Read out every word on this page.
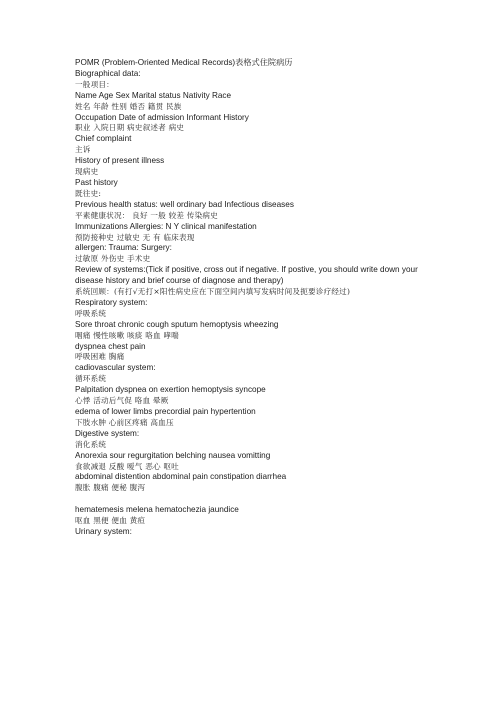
POMR (Problem-Oriented Medical Records)表格式住院病历
Biographical data:
一般项目：
Name Age Sex Marital status Nativity Race
姓名 年龄 性别 婚否 籍贯 民族
Occupation Date of admission Informant History
职业 入院日期 病史叙述者 病史
Chief complaint
主诉
History of present illness
现病史
Past history
既往史:
Previous health status: well ordinary bad Infectious diseases
平素健康状况： 良好 一般 较差 传染病史
Immunizations Allergies: N Y clinical manifestation
预防接种史 过敏史 无 有 临床表现
allergen: Trauma: Surgery:
过敏原 外伤史 手术史
Review of systems:(Tick if positive, cross out if negative. If postive, you should write down your
disease history and brief course of diagnose and therapy)
系统回顾：(有打√无打×阳性病史应在下面空间内填写发病时间及扼要诊疗经过)
Respiratory system:
呼吸系统
Sore throat chronic cough sputum hemoptysis wheezing
咽痛 慢性咳嗽 咳痰 咯血 哮喘
dyspnea chest pain
呼吸困难 胸痛
cadiovascular system:
循环系统
Palpitation dyspnea on exertion hemoptysis syncope
心悸 活动后气促 咯血 晕厥
edema of lower limbs precordial pain hypertention
下肢水肿 心前区疼痛 高血压
Digestive system:
消化系统
Anorexia sour regurgitation belching nausea vomitting
食欲减退 反酸 嗳气 恶心 呕吐
abdominal distention abdominal pain constipation diarrhea
腹胀 腹痛 便秘 腹泻
hematemesis melena hematochezia jaundice
呕血 黑便 便血 黄疸
Urinary system:
